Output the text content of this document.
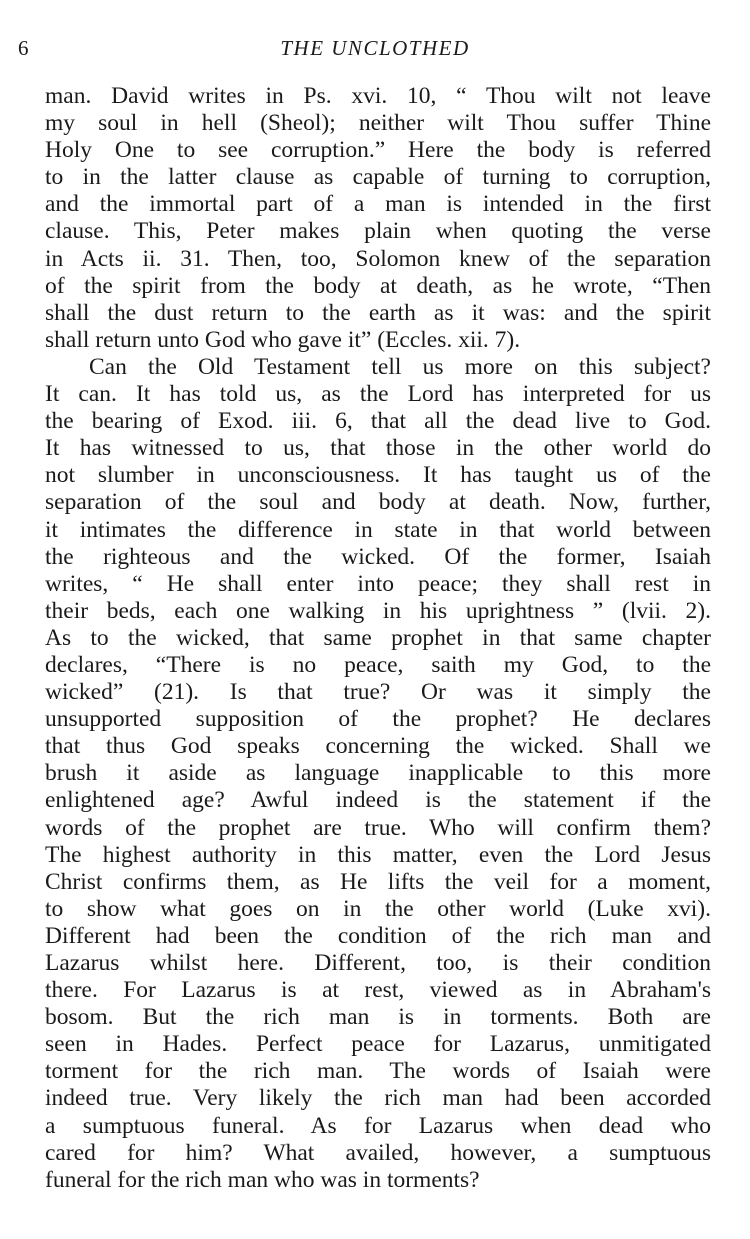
6	THE UNCLOTHED
man. David writes in Ps. xvi. 10, “ Thou wilt not leave
my soul in hell (Sheol); neither wilt Thou suffer Thine
Holy One to see corruption.” Here the body is referred
to in the latter clause as capable of turning to corruption,
and the immortal part of a man is intended in the first
clause. This, Peter makes plain when quoting the verse
in Acts ii. 31. Then, too, Solomon knew of the separation
of the spirit from the body at death, as he wrote, “Then
shall the dust return to the earth as it was: and the spirit
shall return unto God who gave it” (Eccles. xii. 7).
Can the Old Testament tell us more on this subject?
It can. It has told us, as the Lord has interpreted for us
the bearing of Exod. iii. 6, that all the dead live to God.
It has witnessed to us, that those in the other world do
not slumber in unconsciousness. It has taught us of the
separation of the soul and body at death. Now, further,
it intimates the difference in state in that world between
the righteous and the wicked. Of the former, Isaiah
writes, “ He shall enter into peace; they shall rest in
their beds, each one walking in his uprightness ” (lvii. 2).
As to the wicked, that same prophet in that same chapter
declares, “There is no peace, saith my God, to the
wicked” (21). Is that true? Or was it simply the
unsupported supposition of the prophet? He declares
that thus God speaks concerning the wicked. Shall we
brush it aside as language inapplicable to this more
enlightened age? Awful indeed is the statement if the
words of the prophet are true. Who will confirm them?
The highest authority in this matter, even the Lord Jesus
Christ confirms them, as He lifts the veil for a moment,
to show what goes on in the other world (Luke xvi).
Different had been the condition of the rich man and
Lazarus whilst here. Different, too, is their condition
there. For Lazarus is at rest, viewed as in Abraham's
bosom. But the rich man is in torments. Both are
seen in Hades. Perfect peace for Lazarus, unmitigated
torment for the rich man. The words of Isaiah were
indeed true. Very likely the rich man had been accorded
a sumptuous funeral. As for Lazarus when dead who
cared for him? What availed, however, a sumptuous
funeral for the rich man who was in torments?
